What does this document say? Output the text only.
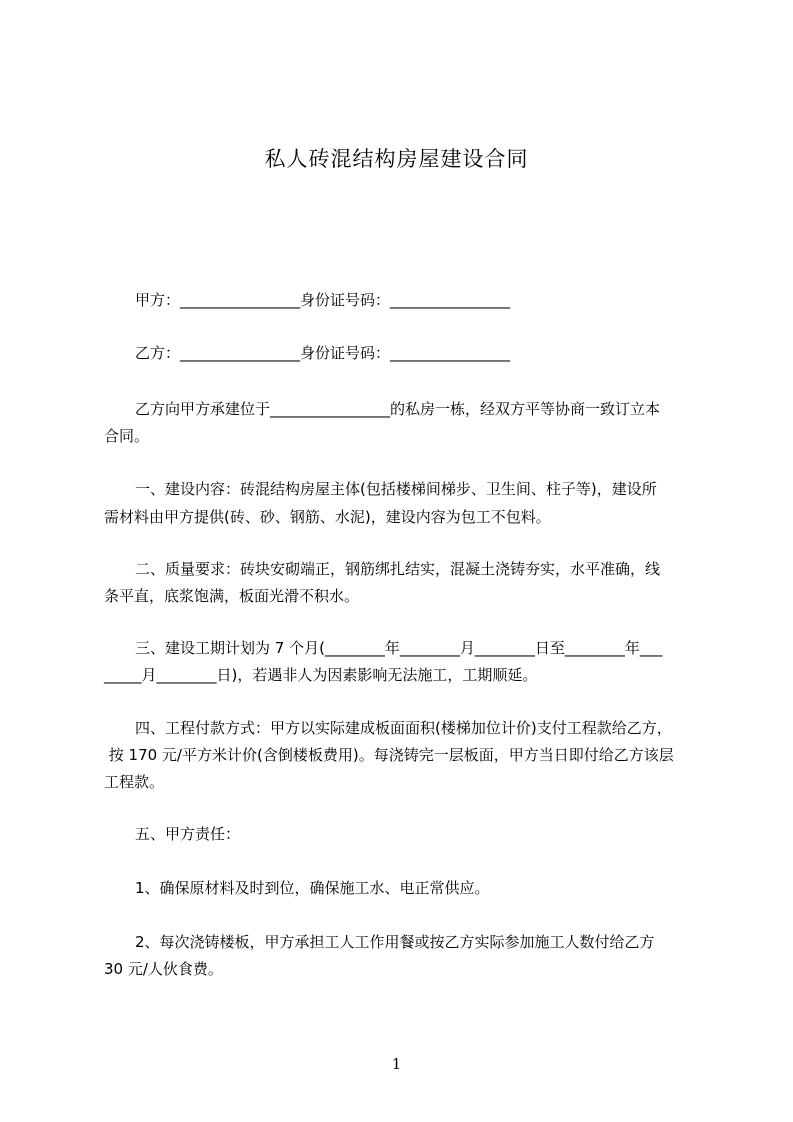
私人砖混结构房屋建设合同
甲方：________________身份证号码：________________
乙方：________________身份证号码：________________
乙方向甲方承建位于________________的私房一栋，经双方平等协商一致订立本
合同。
一、建设内容：砖混结构房屋主体(包括楼梯间梯步、卫生间、柱子等)，建设所
需材料由甲方提供(砖、砂、钢筋、水泥)，建设内容为包工不包料。
二、质量要求：砖块安砌端正，钢筋绑扎结实，混凝土浇铸夯实，水平准确，线
条平直，底浆饱满，板面光滑不积水。
三、建设工期计划为 7 个月(________年________月________日至________年___
_____月________日)，若遇非人为因素影响无法施工，工期顺延。
四、工程付款方式：甲方以实际建成板面面积(楼梯加位计价)支付工程款给乙方，
按 170 元/平方米计价(含倒楼板费用)。每浇铸完一层板面，甲方当日即付给乙方该层
工程款。
五、甲方责任：
1、确保原材料及时到位，确保施工水、电正常供应。
2、每次浇铸楼板，甲方承担工人工作用餐或按乙方实际参加施工人数付给乙方
30 元/人伙食费。
1
